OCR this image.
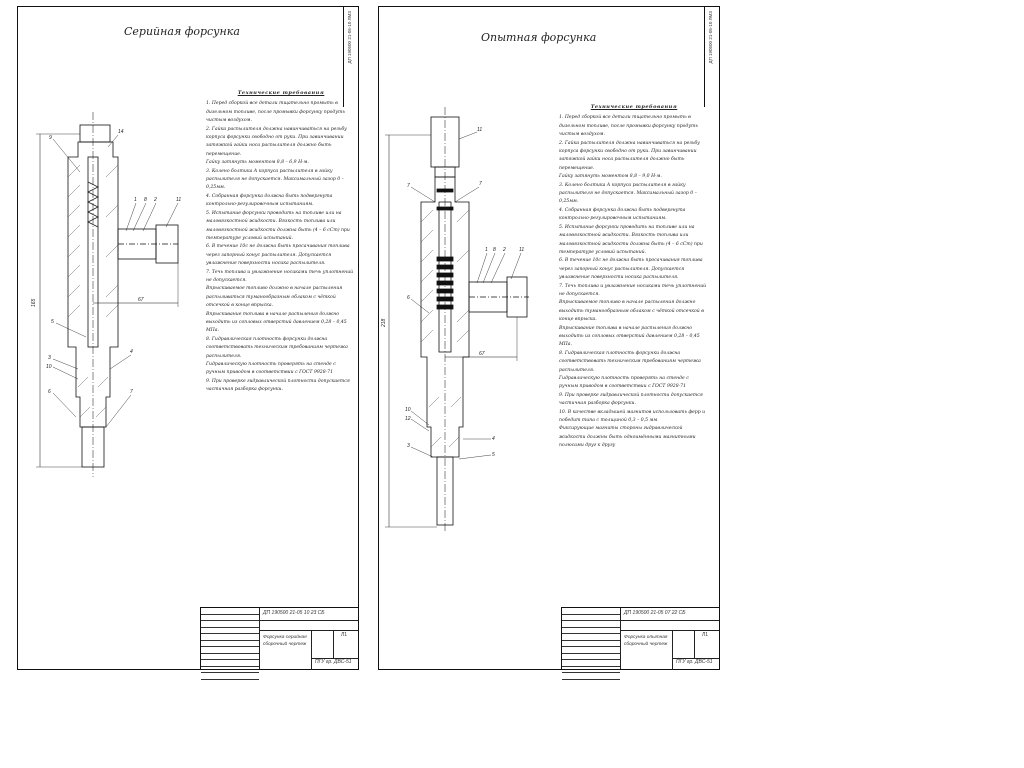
Серийная форсунка	ДП 190500 21-05-10 ЛМЗ
9
14
1 8 2	11
5
3
10
4
6	7
67
165
Технические требования

1. Перед сборкой все детали тщательно промыть в дизельном топливе, после промывки форсунку продуть чистым воздухом.

2. Гайка распылителя должна навинчиваться на резьбу корпуса форсунки свободно от руки. При завинчивании затяжкой гайки носа распылителя должно быть перемещение.

Гайку затянуть моментом 8,8 – 6,9 Н·м.

3. Колено болтика А корпуса распылителя в гайку распылителя не допускается. Максимальный зазор 0 – 0,25мм.

4. Собранная форсунка должна быть подвергнута контрольно-регулировочным испытаниям.

5. Испытание форсунки проводить на топливе или на маловязкостной жидкости. Вязкость топлива или маловязкостной жидкости должна быть (4 – 6 сСт) при температуре условий испытаний.

6. В течение 10с не должна быть просачивания топлива через запорный конус распылителя. Допускается увлажнение поверхности носика распылителя.

7. Течь топлива и увлажнение носиками течь уплотнений не допускается.

Впрыскиваемое топливо должно в начале распыления распыливаться туманообразным облаком с чёткой отсечкой в конце впрыска.

Впрыскивание топлива в начале распыления должно выходить из сопловых отверстий давлением 0,28 – 0,45 МПа.

8. Гидравлическая плотность форсунки должна соответствовать техническим требованиям чертежа распылителя.

Гидравлическую плотность проверять на стенде с ручным приводом в соответствии с ГОСТ 9928-71

9. При проверке гидравлической плотности допускается частичная разборка форсунки.

ДП 190500 21-05 10 23 СБ
Форсунка серийная сборочный чертеж
Л1
ПГУ гр. ДВС-51
Опытная форсунка	ДП 190500 21-05-10 ЛМЗ
11
7	7
1 8 2	11
6
10
12
3
4
5
67
218
Технические требования

1. Перед сборкой все детали тщательно промыть в дизельном топливе, после промывки форсунку продуть чистым воздухом.

2. Гайка распылителя должна навинчиваться на резьбу корпуса форсунки свободно от руки. При завинчивании затяжкой гайки носа распылителя должно быть перемещение.

Гайку затянуть моментом 8,8 – 9,0 Н·м.

3. Колено болтика А корпуса распылителя в гайку распылителя не допускается. Максимальный зазор 0 – 0,25мм.

4. Собранная форсунка должна быть подвергнута контрольно-регулировочным испытаниям.

5. Испытание форсунки проводить на топливе или на маловязкостной жидкости. Вязкость топлива или маловязкостной жидкости должна быть (4 – 6 сСт) при температуре условий испытаний.

6. В течение 10с не должна быть просачивания топлива через запорный конус распылителя. Допускается увлажнение поверхности носика распылителя.

7. Течь топлива и увлажнение носиками течь уплотнений не допускается.

Впрыскиваемое топливо в начале распыления должно выходить туманообразным облаком с чёткой отсечкой в конце впрыска.

Впрыскивание топлива в начале распыления должно выходить из сопловых отверстий давлением 0,28 – 0,45 МПа.

8. Гидравлическая плотность форсунки должна соответствовать техническим требованиям чертежа распылителя.

Гидравлическую плотность проверять на стенде с ручным приводом в соответствии с ГОСТ 9928-71

9. При проверке гидравлической плотности допускается частичная разборка форсунки.

10. В качестве вкладышей магнитов использовать ферр и победит типа с толщиной 0,3 – 0,5 мм

Фиксирующие магниты стороны гидравлической жидкости должны быть одноимёнными магнитными полюсами друг к другу

ДП 190500 21-05 07 22 СБ
Форсунка опытная сборочный чертеж
Л1
ПГУ гр. ДВС-51
